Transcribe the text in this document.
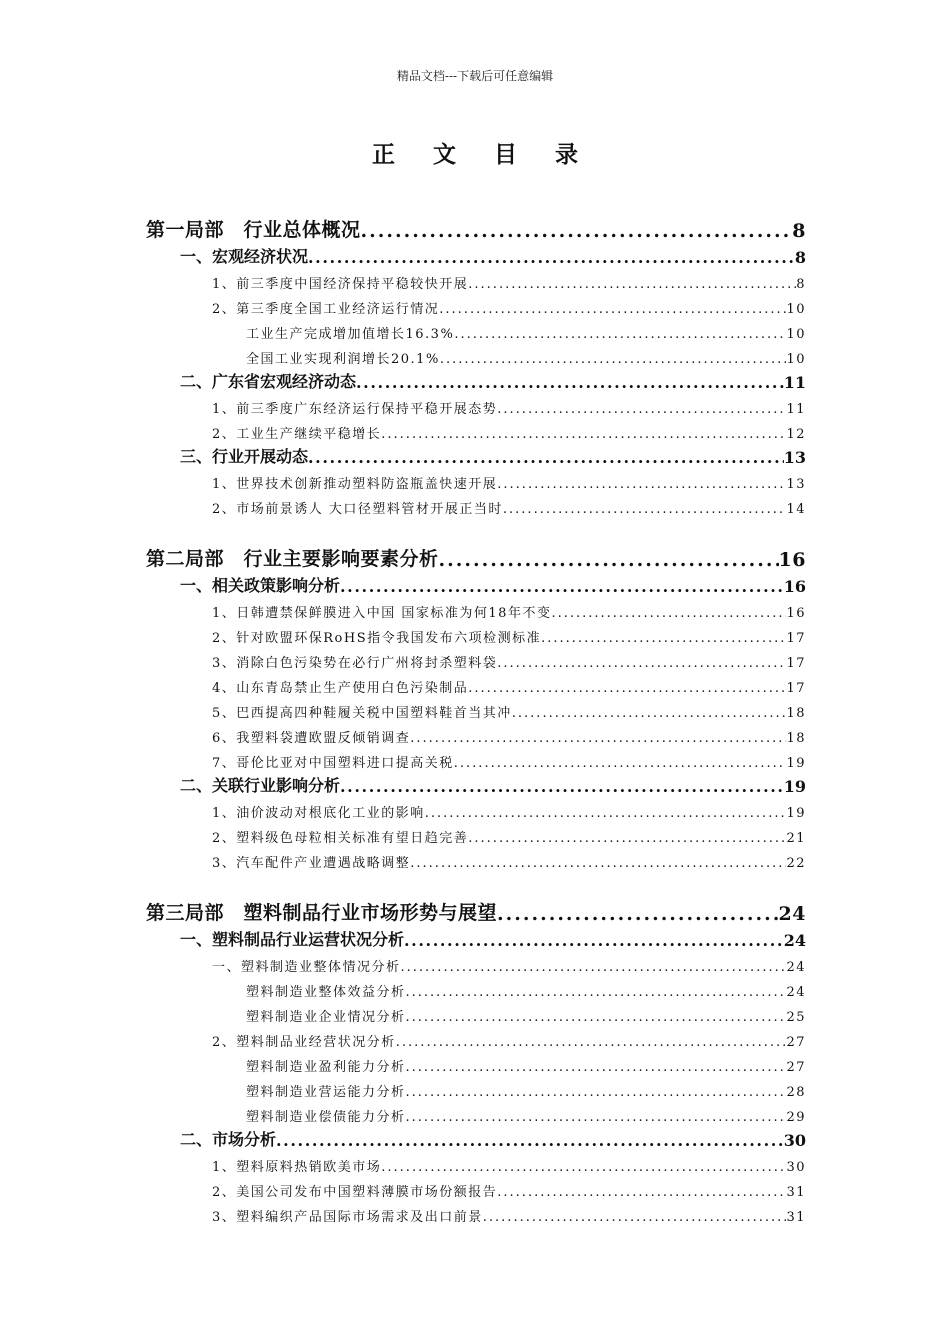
精品文档---下载后可任意编辑
正 文 目 录
第一局部　行业总体概况 .....	8
一、宏观经济状况 .....	8
1、前三季度中国经济保持平稳较快开展 .....	8
2、第三季度全国工业经济运行情况 .....	10
工业生产完成增加值增长16.3% .....	10
全国工业实现利润增长20.1% .....	10
二、广东省宏观经济动态 .....	11
1、前三季度广东经济运行保持平稳开展态势 .....	11
2、工业生产继续平稳增长 .....	12
三、行业开展动态 .....	13
1、世界技术创新推动塑料防盗瓶盖快速开展 .....	13
2、市场前景诱人 大口径塑料管材开展正当时 .....	14
第二局部　行业主要影响要素分析 .....	16
一、相关政策影响分析 .....	16
1、日韩遭禁保鲜膜进入中国 国家标准为何18年不变 .....	16
2、针对欧盟环保RoHS指令我国发布六项检测标准 .....	17
3、消除白色污染势在必行广州将封杀塑料袋 .....	17
4、山东青岛禁止生产使用白色污染制品 .....	17
5、巴西提高四种鞋履关税中国塑料鞋首当其冲 .....	18
6、我塑料袋遭欧盟反倾销调查 .....	18
7、哥伦比亚对中国塑料进口提高关税 .....	19
二、关联行业影响分析 .....	19
1、油价波动对根底化工业的影响 .....	19
2、塑料级色母粒相关标准有望日趋完善 .....	21
3、汽车配件产业遭遇战略调整 .....	22
第三局部　塑料制品行业市场形势与展望 .....	24
一、塑料制品行业运营状况分析 .....	24
一、塑料制造业整体情况分析 .....	24
塑料制造业整体效益分析 .....	24
塑料制造业企业情况分析 .....	25
2、塑料制品业经营状况分析 .....	27
塑料制造业盈利能力分析 .....	27
塑料制造业营运能力分析 .....	28
塑料制造业偿债能力分析 .....	29
二、市场分析 .....	30
1、塑料原料热销欧美市场 .....	30
2、美国公司发布中国塑料薄膜市场份额报告 .....	31
3、塑料编织产品国际市场需求及出口前景 .....	31
